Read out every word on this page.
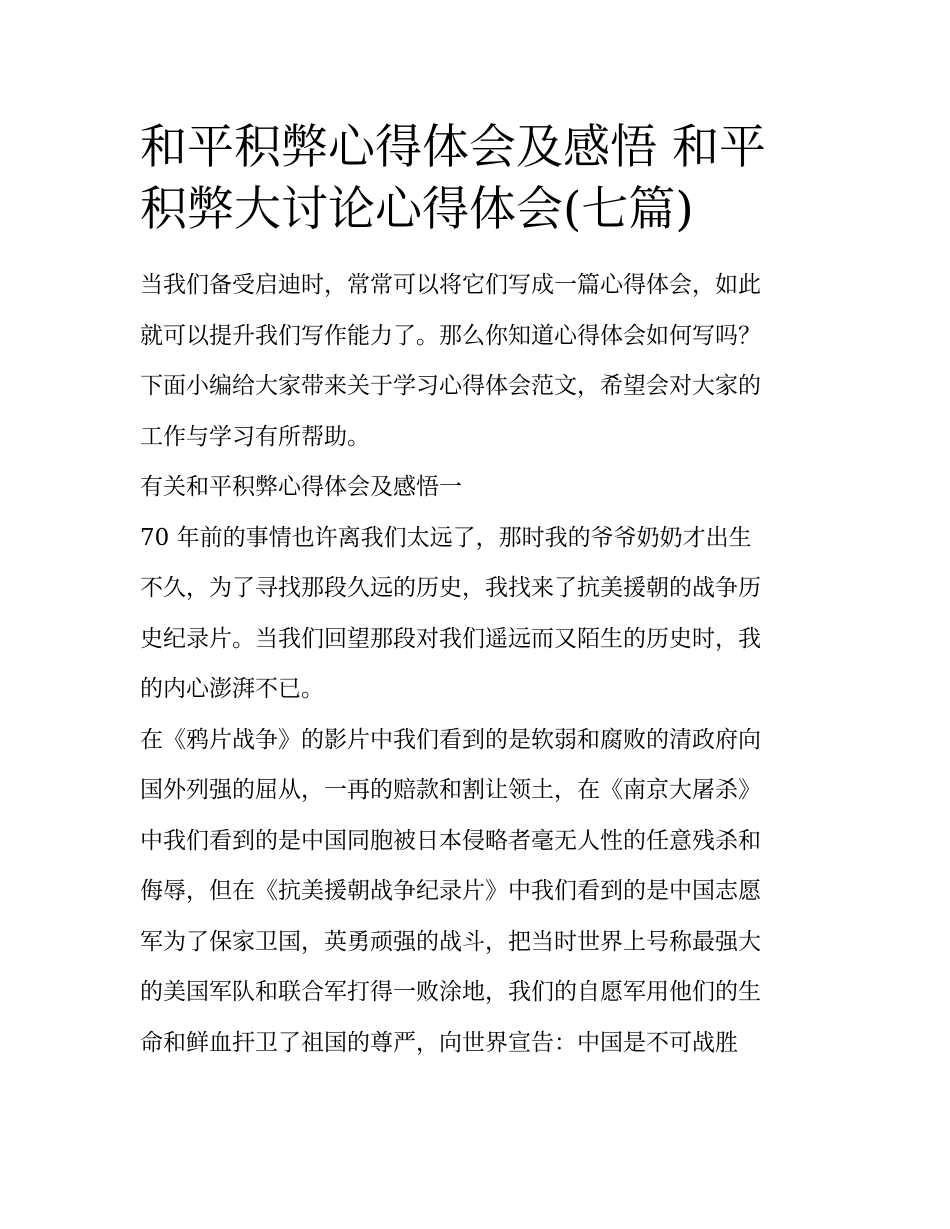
和平积弊心得体会及感悟 和平
积弊大讨论心得体会(七篇)
当我们备受启迪时，常常可以将它们写成一篇心得体会，如此
就可以提升我们写作能力了。那么你知道心得体会如何写吗？
下面小编给大家带来关于学习心得体会范文，希望会对大家的
工作与学习有所帮助。
有关和平积弊心得体会及感悟一
70 年前的事情也许离我们太远了，那时我的爷爷奶奶才出生
不久，为了寻找那段久远的历史，我找来了抗美援朝的战争历
史纪录片。当我们回望那段对我们遥远而又陌生的历史时，我
的内心澎湃不已。
在《鸦片战争》的影片中我们看到的是软弱和腐败的清政府向
国外列强的屈从，一再的赔款和割让领土，在《南京大屠杀》
中我们看到的是中国同胞被日本侵略者毫无人性的任意残杀和
侮辱，但在《抗美援朝战争纪录片》中我们看到的是中国志愿
军为了保家卫国，英勇顽强的战斗，把当时世界上号称最强大
的美国军队和联合军打得一败涂地，我们的自愿军用他们的生
命和鲜血扞卫了祖国的尊严，向世界宣告：中国是不可战胜
